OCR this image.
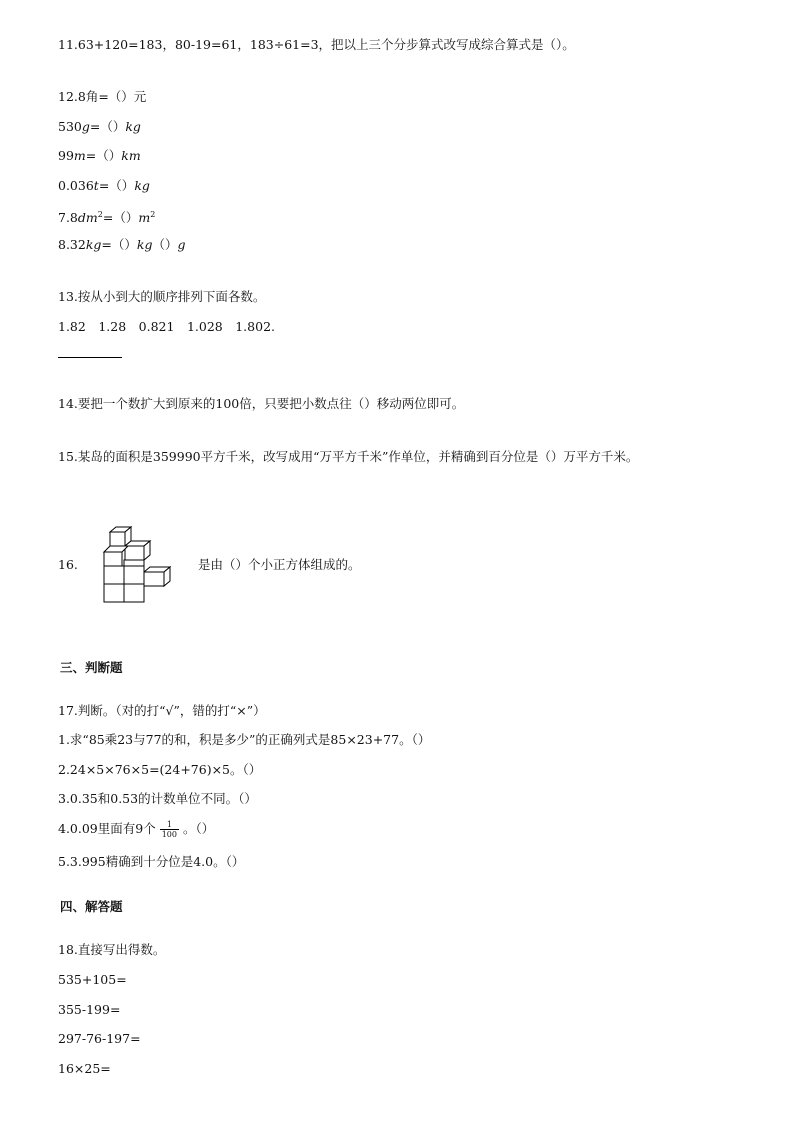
11.63+120=183，80-19=61，183÷61=3，把以上三个分步算式改写成综合算式是（）。
12.8角=（）元
530g=（）kg
99m=（）km
0.036t=（）kg
$7.8dm^2=()m^2$
8.32kg=（）kg（）g
13.按从小到大的顺序排列下面各数。
1.82　1.28　0.821　1.028　1.802.
14.要把一个数扩大到原来的100倍，只要把小数点往（）移动两位即可。
15.某岛的面积是359990平方千米，改写成用“万平方千米”作单位，并精确到百分位是（）万平方千米。
16.	是由（）个小正方体组成的。
三、判断题
17.判断。（对的打“√”，错的打“×”）
1.求“85乘23与77的和，积是多少”的正确列式是85×23+77。（）
2.24×5×76×5=(24+76)×5。（）
3.0.35和0.53的计数单位不同。（）
4.0.09里面有9个 $\frac{1}{100}$ 。（）
5.3.995精确到十分位是4.0。（）
四、解答题
18.直接写出得数。
535+105=
355-199=
297-76-197=
16×25=
